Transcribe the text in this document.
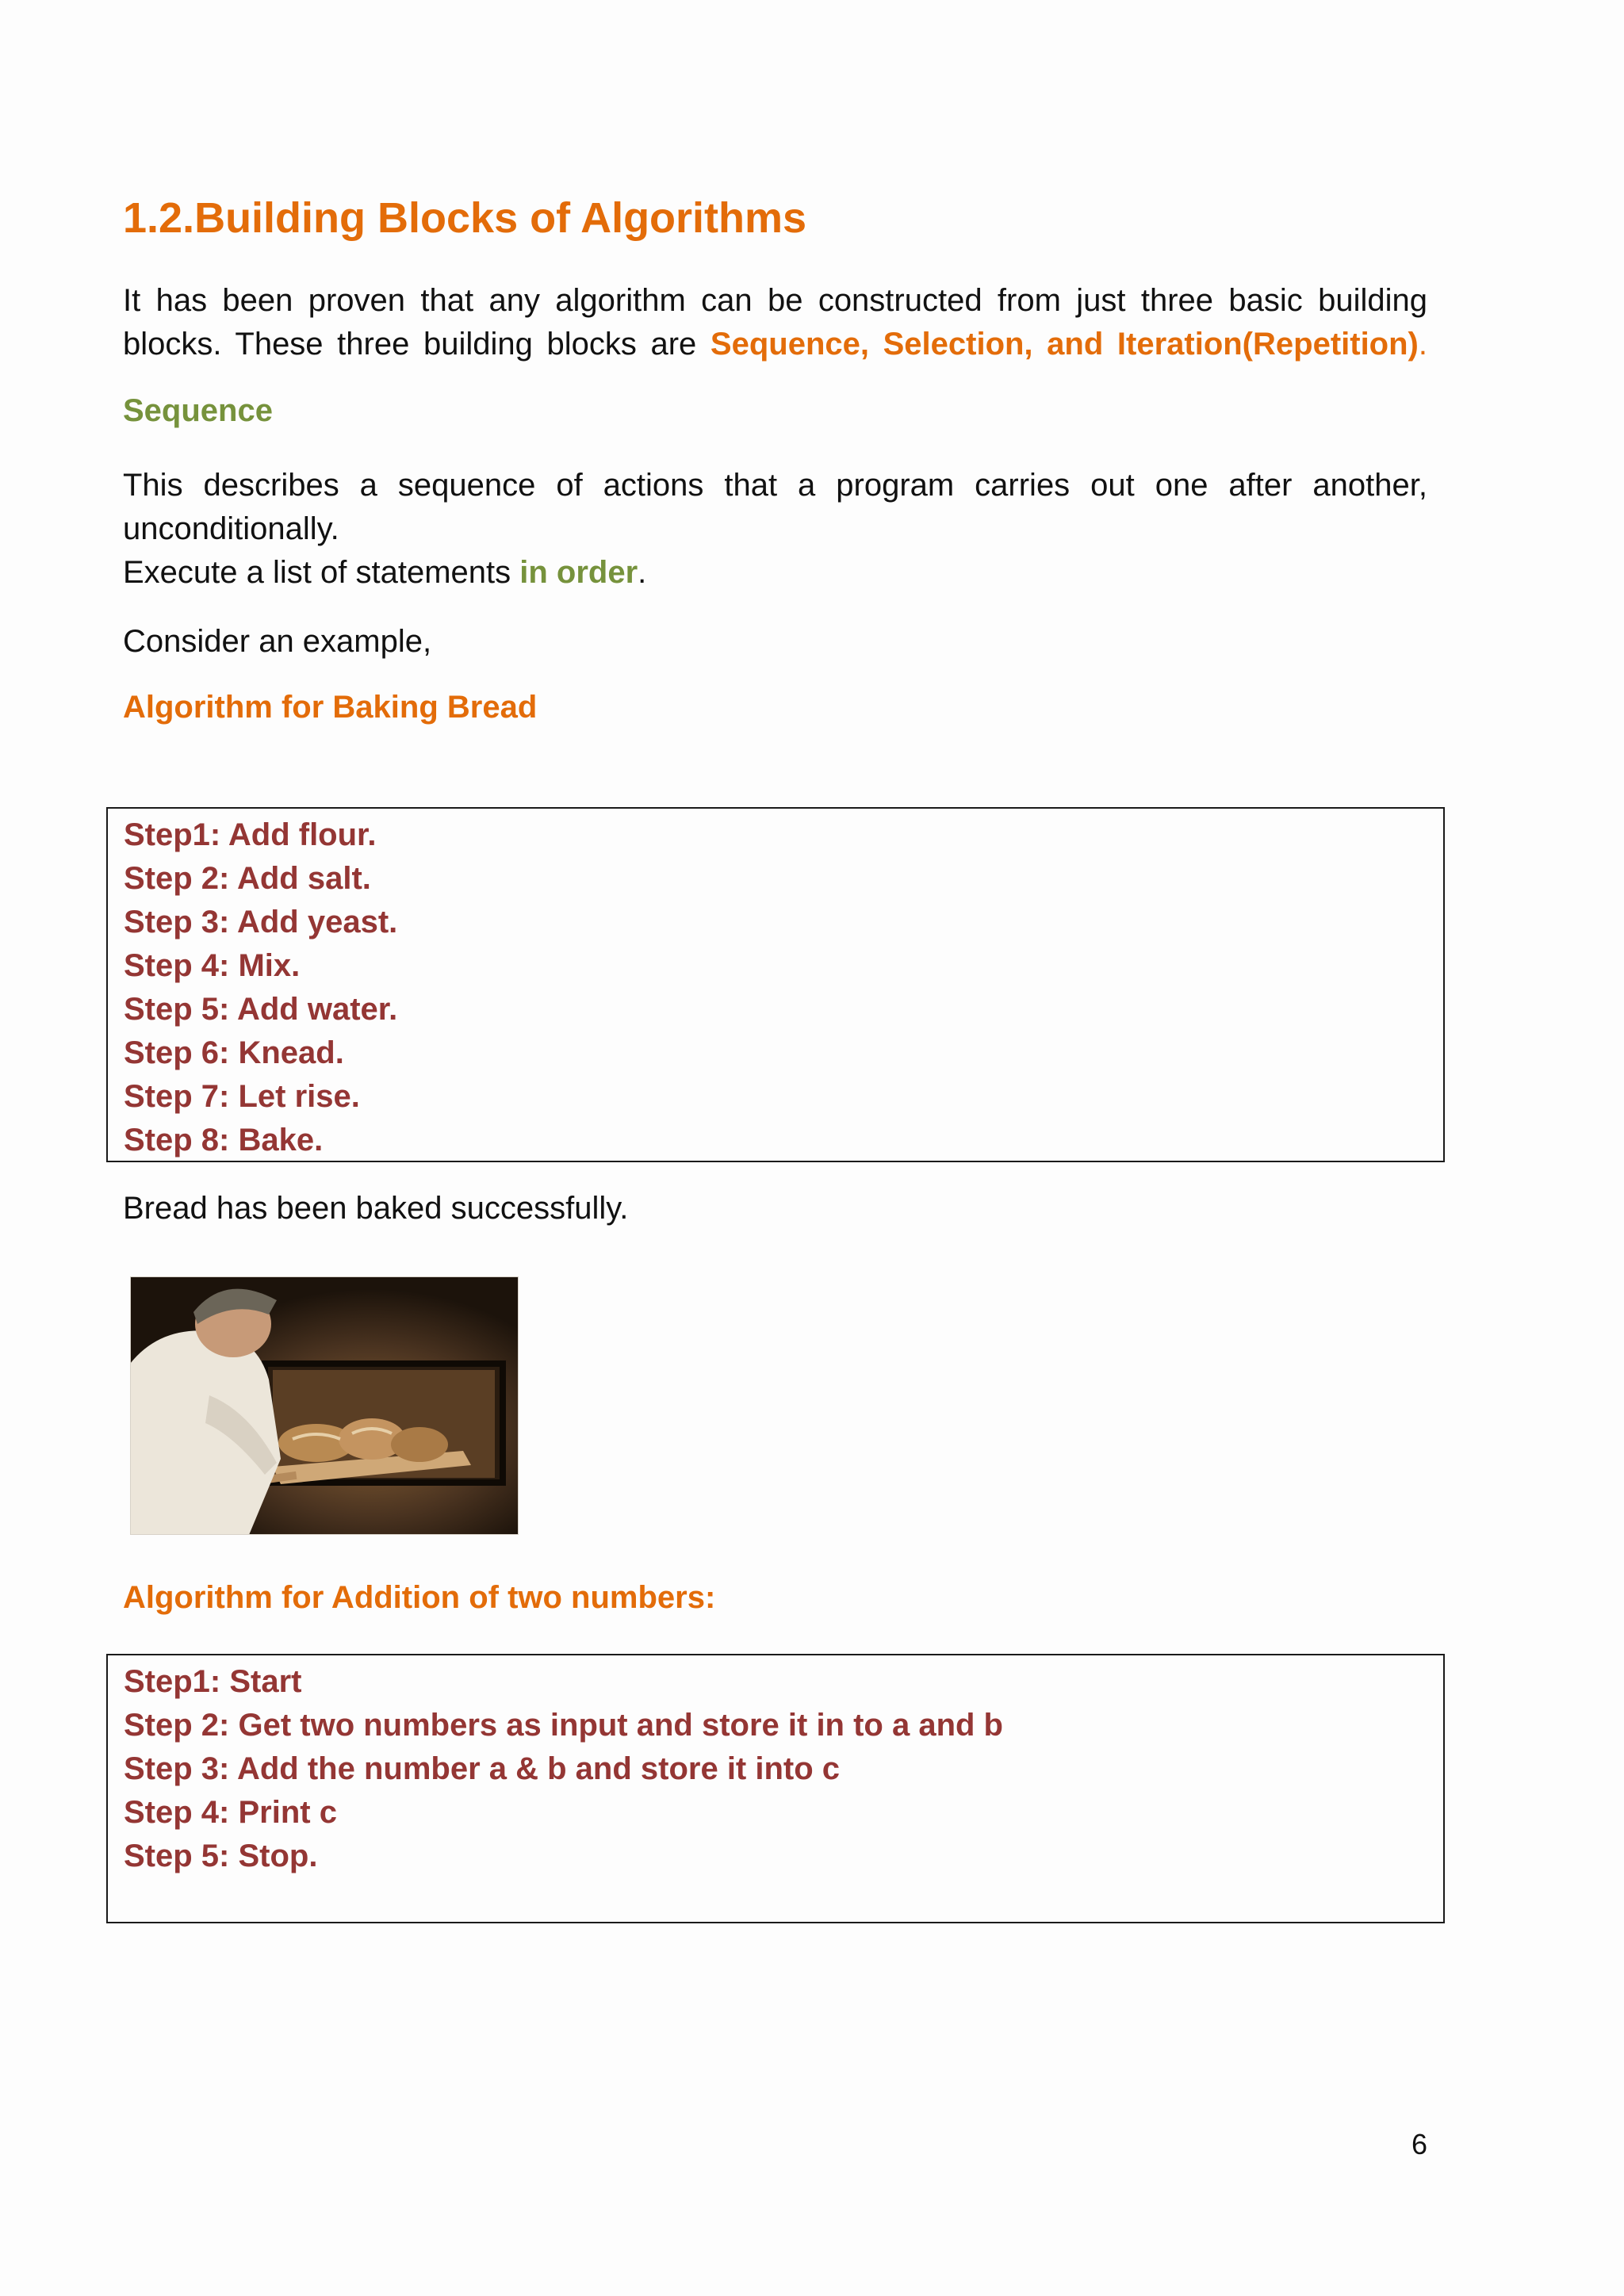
1.2.Building Blocks of Algorithms

It has been proven that any algorithm can be constructed from just three basic building blocks. These three building blocks are Sequence, Selection, and Iteration(Repetition).

Sequence

This describes a sequence of actions that a program carries out one after another,
unconditionally.
Execute a list of statements in order.

Consider an example,

Algorithm for Baking Bread

Step1: Add flour.

Step 2: Add salt.

Step 3: Add yeast.

Step 4: Mix.

Step 5: Add water.

Step 6: Knead.

Step 7: Let rise.

Step 8: Bake.

Bread has been baked successfully.

Algorithm for Addition of two numbers:

Step1: Start

Step 2: Get two numbers as input and store it in to a and b

Step 3: Add the number a & b and store it into c

Step 4: Print c

Step 5: Stop.

6
